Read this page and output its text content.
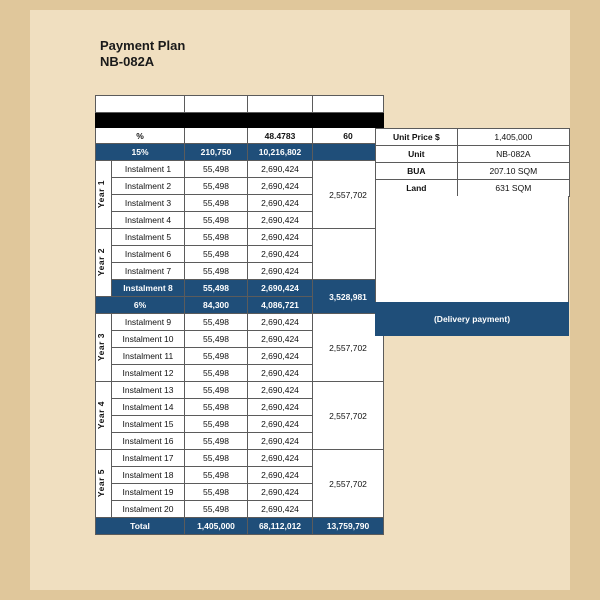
Payment Plan
NB-082A
		Price IN US$	$ Treasury rate	$ Cap Cheques

%			48.4783	60
15%		210,750	10,216,802	

Year 1	Instalment 1	55,498	2,690,424	2,557,702
	Instalment 2	55,498	2,690,424	
	Instalment 3	55,498	2,690,424	
	Instalment 4	55,498	2,690,424	

Year 2	Instalment 5	55,498	2,690,424	
	Instalment 6	55,498	2,690,424	
	Instalment 7	55,498	2,690,424	
	Instalment 8	55,498	2,690,424	3,528,981
6%		84,300	4,086,721	

Year 3	Instalment 9	55,498	2,690,424	2,557,702
	Instalment 10	55,498	2,690,424	
	Instalment 11	55,498	2,690,424	
	Instalment 12	55,498	2,690,424	

Year 4	Instalment 13	55,498	2,690,424	2,557,702
	Instalment 14	55,498	2,690,424	
	Instalment 15	55,498	2,690,424	
	Instalment 16	55,498	2,690,424	

Year 5	Instalment 17	55,498	2,690,424	2,557,702
	Instalment 18	55,498	2,690,424	
	Instalment 19	55,498	2,690,424	
	Instalment 20	55,498	2,690,424	
Total		1,405,000	68,112,012	13,759,790
Unit Price $	1,405,000
Unit	NB-082A
BUA	207.10 SQM
Land	631 SQM
(Delivery payment)
